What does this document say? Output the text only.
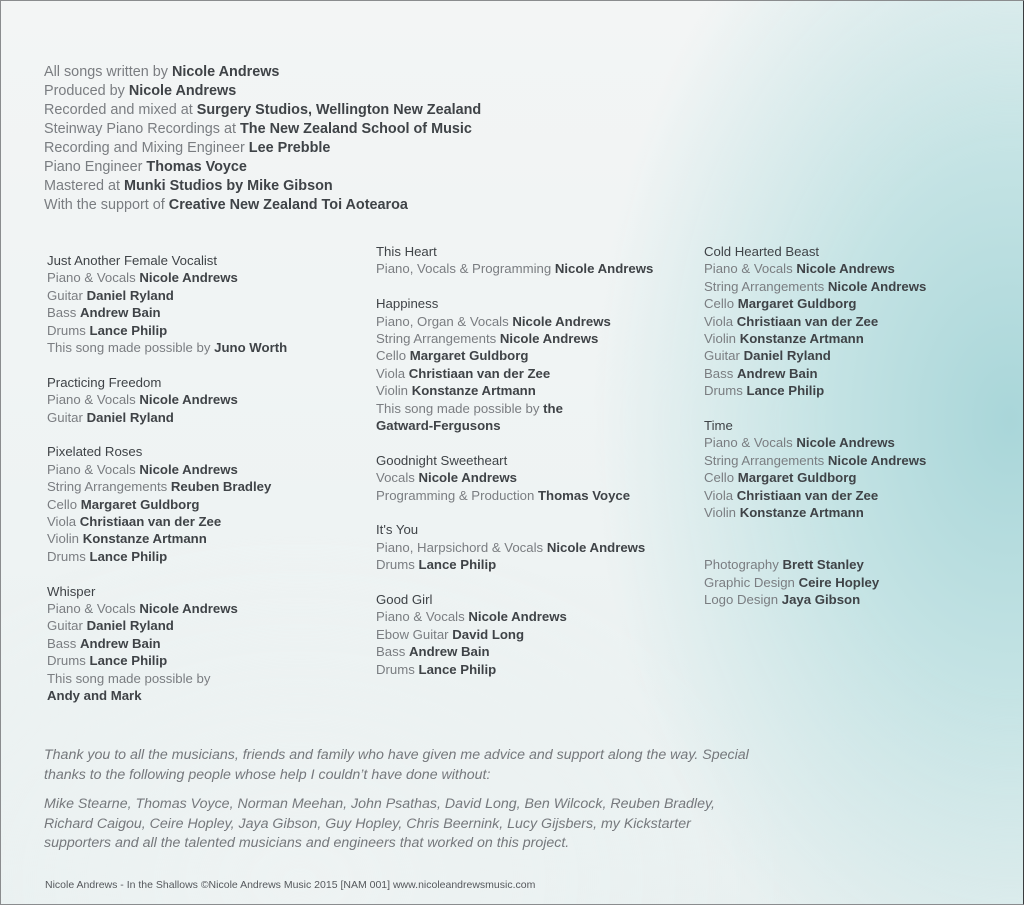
All songs written by Nicole Andrews
Produced by Nicole Andrews
Recorded and mixed at Surgery Studios, Wellington New Zealand
Steinway Piano Recordings at The New Zealand School of Music
Recording and Mixing Engineer Lee Prebble
Piano Engineer Thomas Voyce
Mastered at Munki Studios by Mike Gibson
With the support of Creative New Zealand Toi Aotearoa
Just Another Female Vocalist
Piano & Vocals Nicole Andrews
Guitar Daniel Ryland
Bass Andrew Bain
Drums Lance Philip
This song made possible by Juno Worth
Practicing Freedom
Piano & Vocals Nicole Andrews
Guitar Daniel Ryland
Pixelated Roses
Piano & Vocals Nicole Andrews
String Arrangements Reuben Bradley
Cello Margaret Guldborg
Viola Christiaan van der Zee
Violin Konstanze Artmann
Drums Lance Philip
Whisper
Piano & Vocals Nicole Andrews
Guitar Daniel Ryland
Bass Andrew Bain
Drums Lance Philip
This song made possible by
Andy and Mark
This Heart
Piano, Vocals & Programming Nicole Andrews
Happiness
Piano, Organ & Vocals Nicole Andrews
String Arrangements Nicole Andrews
Cello Margaret Guldborg
Viola Christiaan van der Zee
Violin Konstanze Artmann
This song made possible by the
Gatward-Fergusons
Goodnight Sweetheart
Vocals Nicole Andrews
Programming & Production Thomas Voyce
It's You
Piano, Harpsichord & Vocals Nicole Andrews
Drums Lance Philip
Good Girl
Piano & Vocals Nicole Andrews
Ebow Guitar David Long
Bass Andrew Bain
Drums Lance Philip
Cold Hearted Beast
Piano & Vocals Nicole Andrews
String Arrangements Nicole Andrews
Cello Margaret Guldborg
Viola Christiaan van der Zee
Violin Konstanze Artmann
Guitar Daniel Ryland
Bass Andrew Bain
Drums Lance Philip
Time
Piano & Vocals Nicole Andrews
String Arrangements Nicole Andrews
Cello Margaret Guldborg
Viola Christiaan van der Zee
Violin Konstanze Artmann
Photography Brett Stanley
Graphic Design Ceire Hopley
Logo Design Jaya Gibson

Thank you to all the musicians, friends and family who have given me advice and support along the way. Special thanks to the following people whose help I couldn’t have done without:

Mike Stearne, Thomas Voyce, Norman Meehan, John Psathas, David Long, Ben Wilcock, Reuben Bradley, Richard Caigou, Ceire Hopley, Jaya Gibson, Guy Hopley, Chris Beernink, Lucy Gijsbers, my Kickstarter supporters and all the talented musicians and engineers that worked on this project.

Nicole Andrews - In the Shallows ©Nicole Andrews Music 2015 [NAM 001] www.nicoleandrewsmusic.com
